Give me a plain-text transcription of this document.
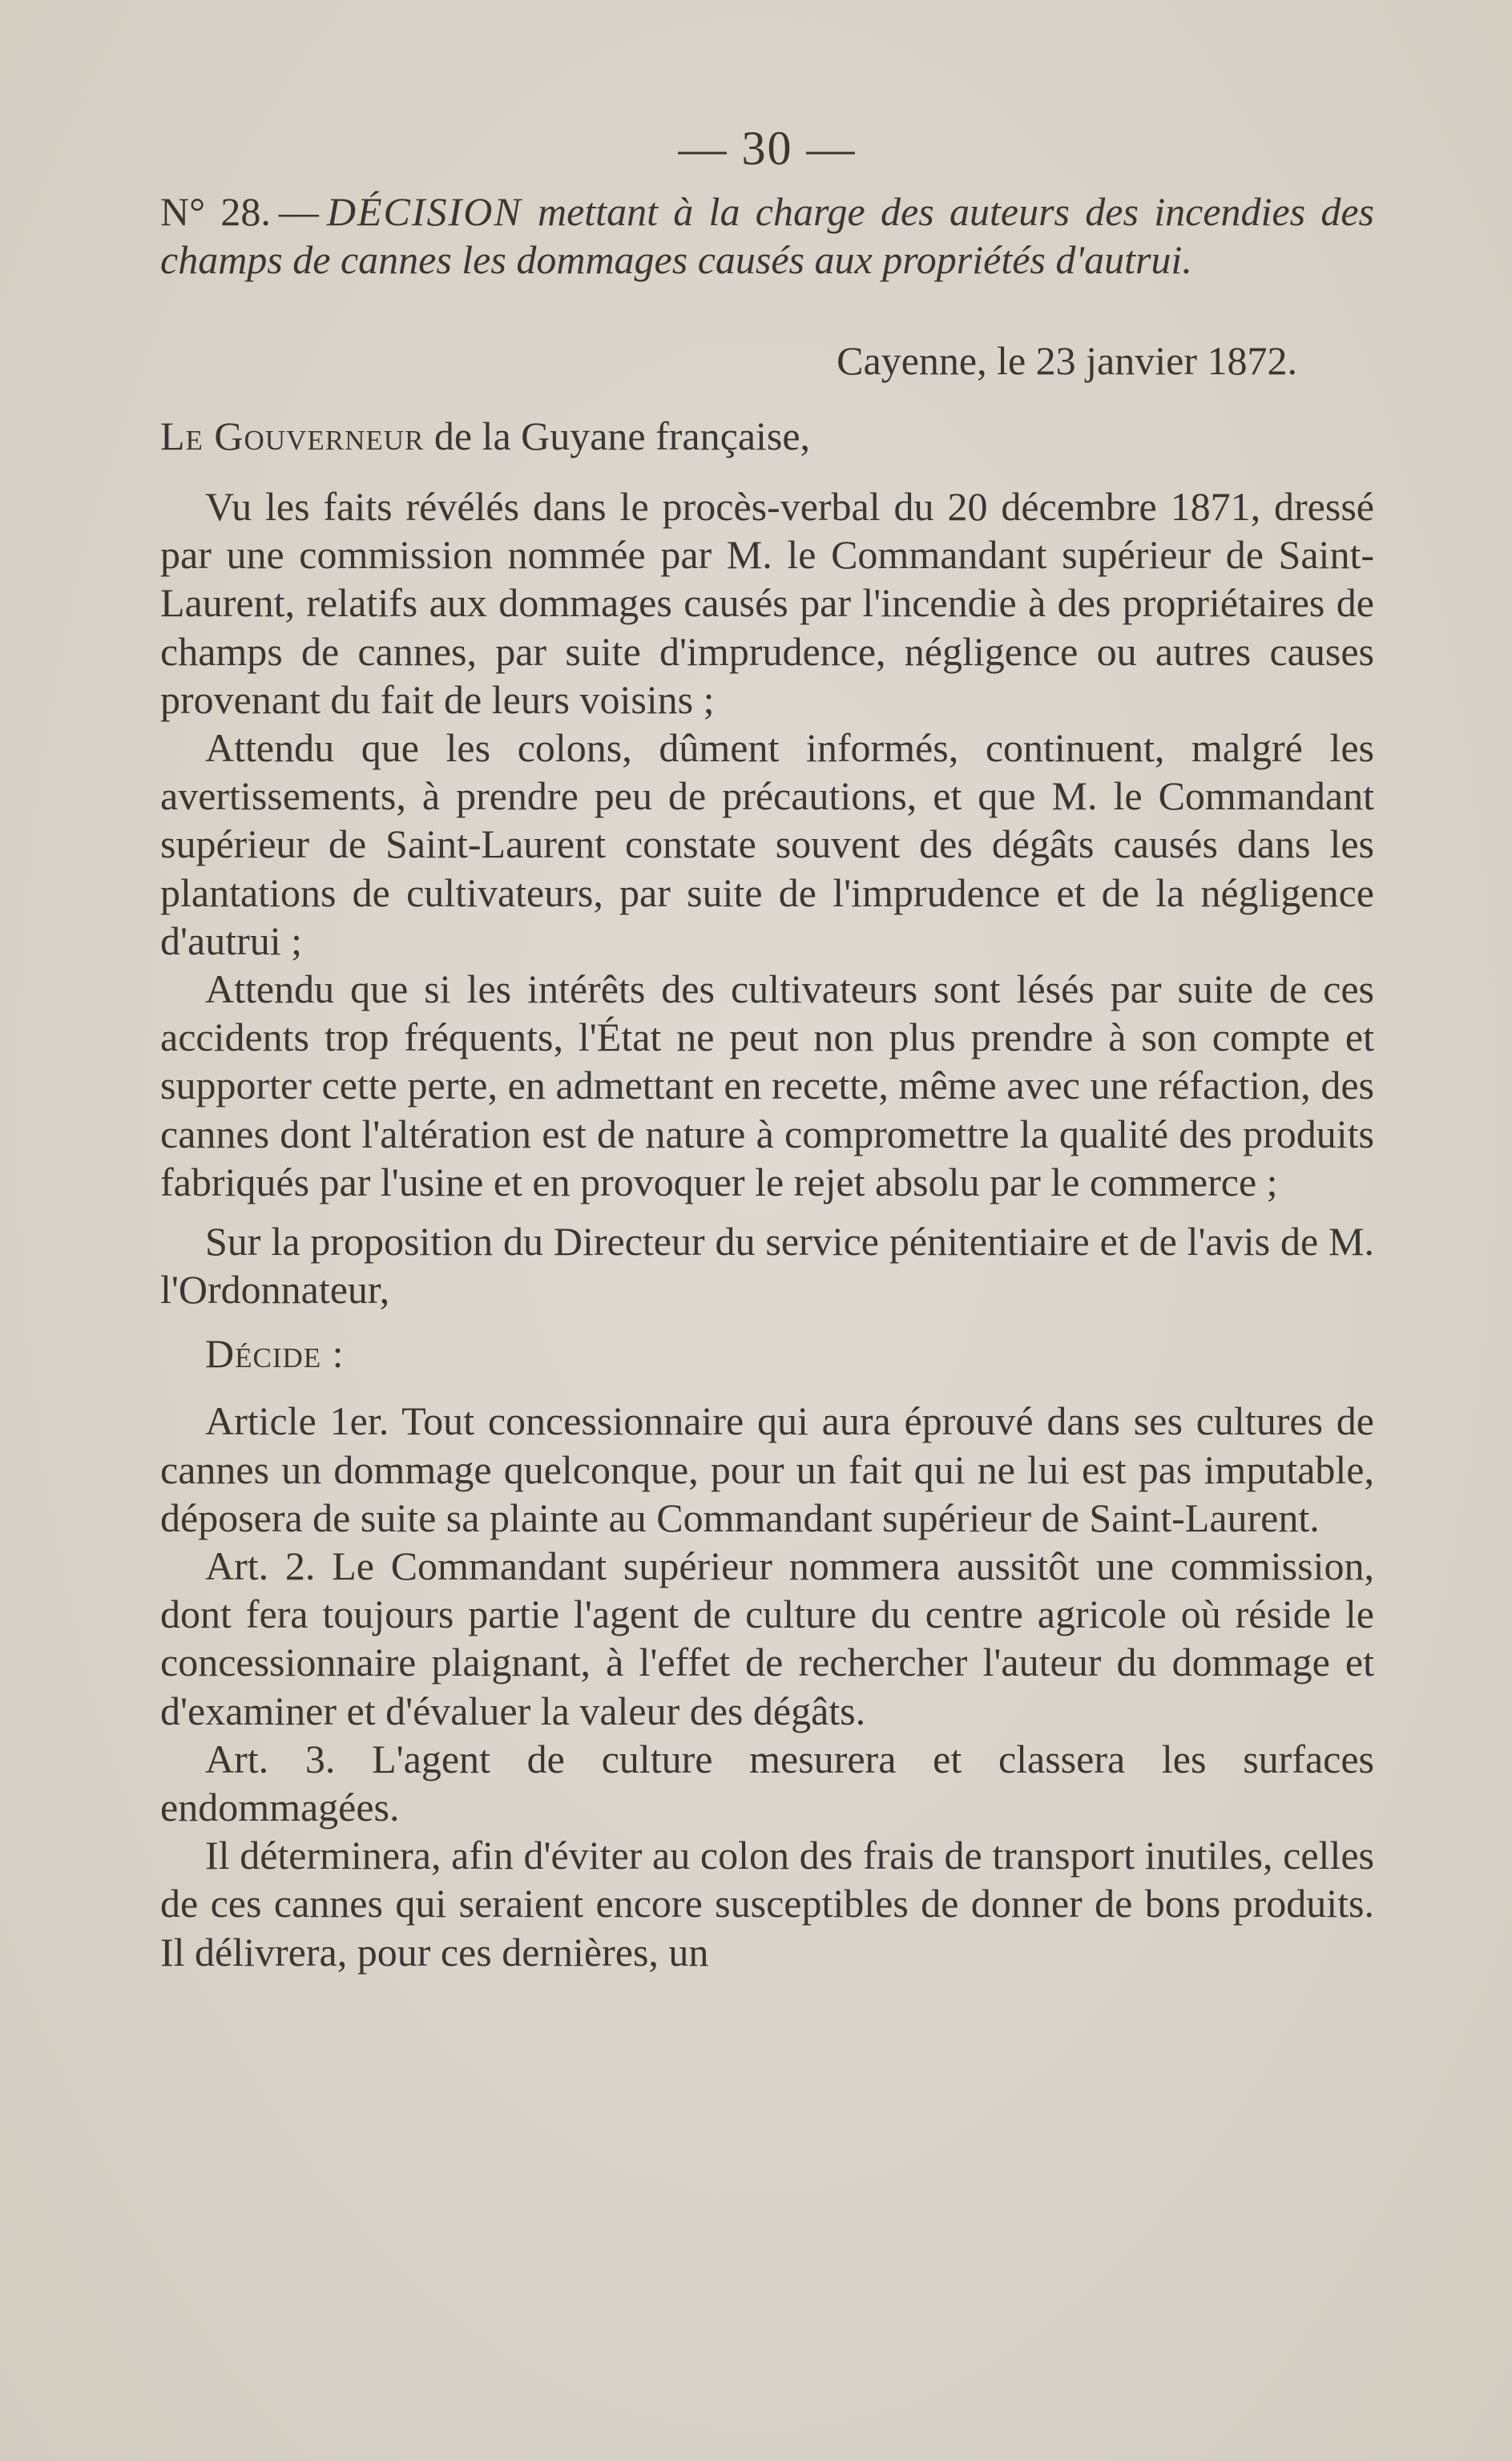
— 30 —

N° 28. — DÉCISION mettant à la charge des auteurs des incendies des champs de cannes les dommages causés aux propriétés d'autrui.

Cayenne, le 23 janvier 1872.

Le Gouverneur de la Guyane française,

Vu les faits révélés dans le procès-verbal du 20 décembre 1871, dressé par une commission nommée par M. le Commandant supérieur de Saint-Laurent, relatifs aux dommages causés par l'incendie à des propriétaires de champs de cannes, par suite d'imprudence, négligence ou autres causes provenant du fait de leurs voisins ;

Attendu que les colons, dûment informés, continuent, malgré les avertissements, à prendre peu de précautions, et que M. le Commandant supérieur de Saint-Laurent constate souvent des dégâts causés dans les plantations de cultivateurs, par suite de l'imprudence et de la négligence d'autrui ;

Attendu que si les intérêts des cultivateurs sont lésés par suite de ces accidents trop fréquents, l'État ne peut non plus prendre à son compte et supporter cette perte, en admettant en recette, même avec une réfaction, des cannes dont l'altération est de nature à compromettre la qualité des produits fabriqués par l'usine et en provoquer le rejet absolu par le commerce ;

Sur la proposition du Directeur du service pénitentiaire et de l'avis de M. l'Ordonnateur,

Décide :

Article 1er. Tout concessionnaire qui aura éprouvé dans ses cultures de cannes un dommage quelconque, pour un fait qui ne lui est pas imputable, déposera de suite sa plainte au Commandant supérieur de Saint-Laurent.

Art. 2. Le Commandant supérieur nommera aussitôt une commission, dont fera toujours partie l'agent de culture du centre agricole où réside le concessionnaire plaignant, à l'effet de rechercher l'auteur du dommage et d'examiner et d'évaluer la valeur des dégâts.

Art. 3. L'agent de culture mesurera et classera les surfaces endommagées.

Il déterminera, afin d'éviter au colon des frais de transport inutiles, celles de ces cannes qui seraient encore susceptibles de donner de bons produits. Il délivrera, pour ces dernières, un
